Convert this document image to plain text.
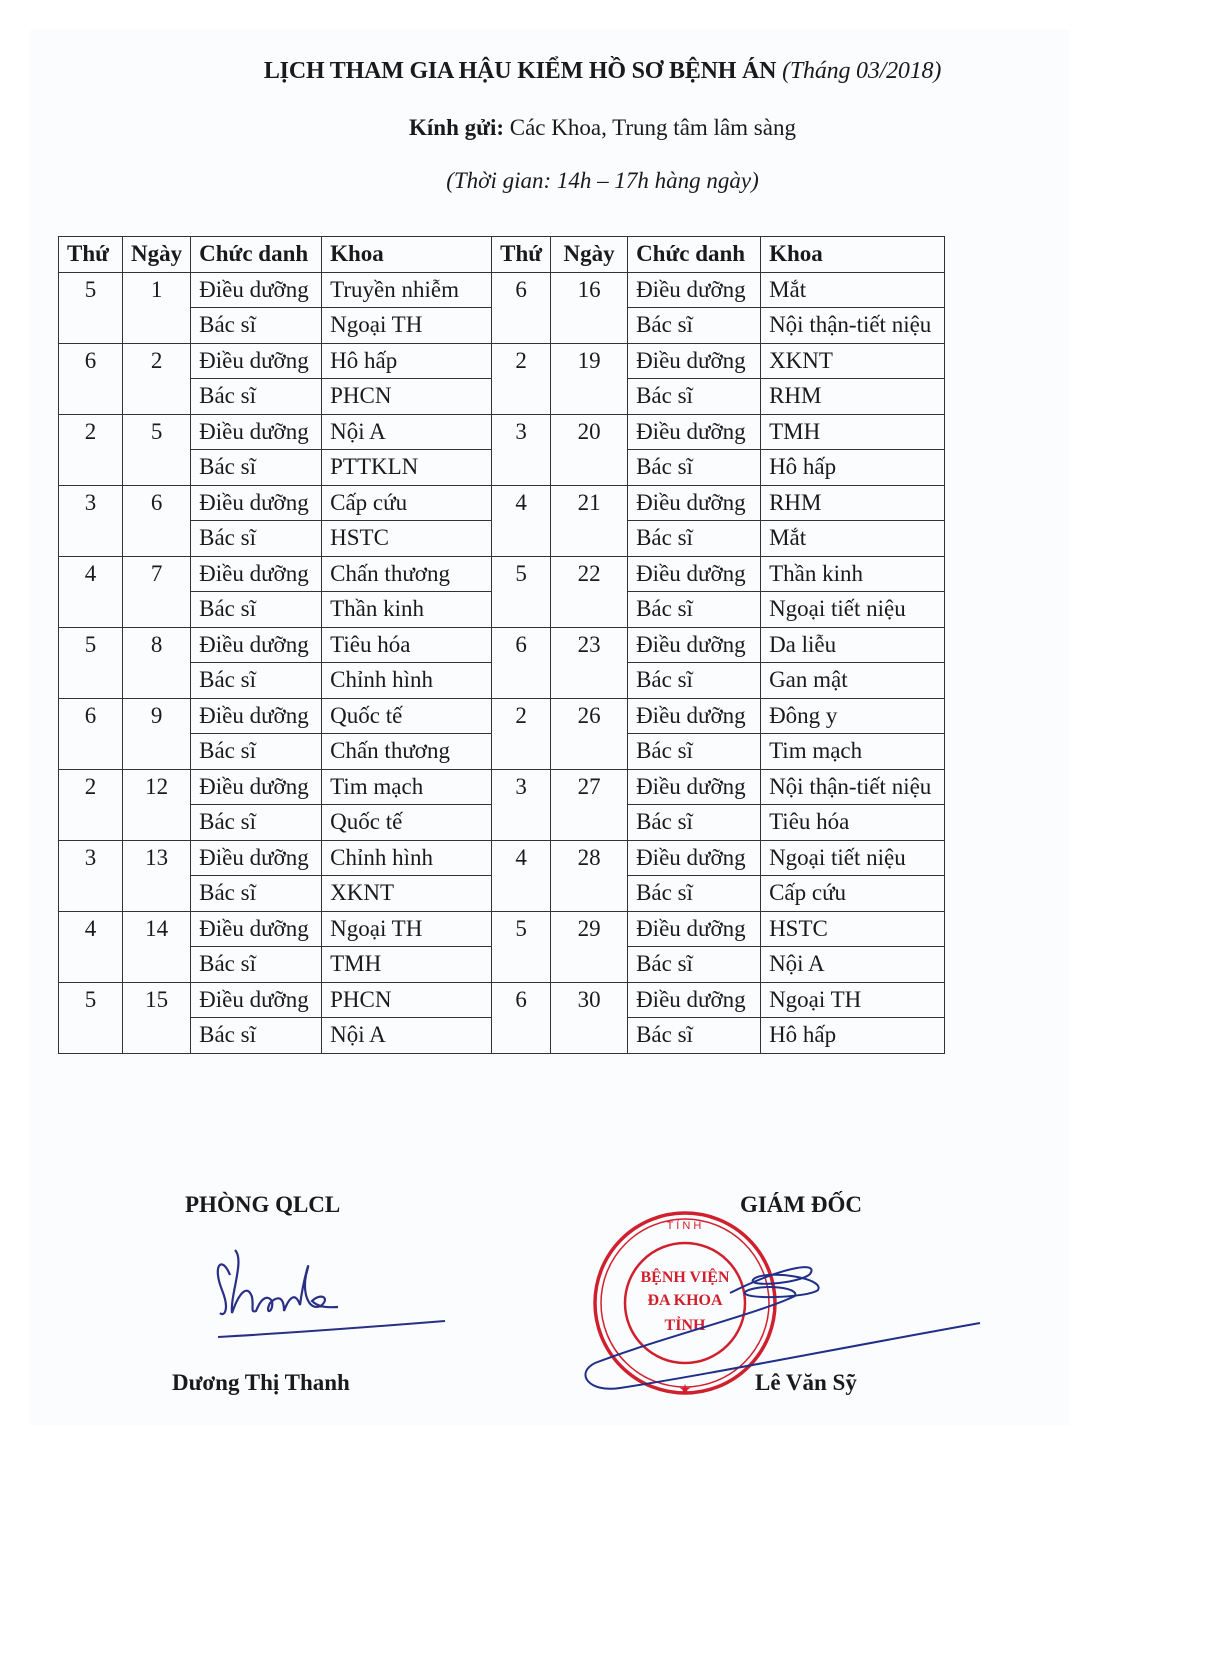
LỊCH THAM GIA HẬU KIỂM HỒ SƠ BỆNH ÁN (Tháng 03/2018)
Kính gửi: Các Khoa, Trung tâm lâm sàng
(Thời gian: 14h – 17h hàng ngày)
Thứ	Ngày	Chức danh	Khoa	Thứ	Ngày	Chức danh	Khoa
5	1	Điều dưỡng	Truyền nhiễm	6	16	Điều dưỡng	Mắt
		Bác sĩ	Ngoại TH			Bác sĩ	Nội thận-tiết niệu
6	2	Điều dưỡng	Hô hấp	2	19	Điều dưỡng	XKNT
		Bác sĩ	PHCN			Bác sĩ	RHM
2	5	Điều dưỡng	Nội A	3	20	Điều dưỡng	TMH
		Bác sĩ	PTTKLN			Bác sĩ	Hô hấp
3	6	Điều dưỡng	Cấp cứu	4	21	Điều dưỡng	RHM
		Bác sĩ	HSTC			Bác sĩ	Mắt
4	7	Điều dưỡng	Chấn thương	5	22	Điều dưỡng	Thần kinh
		Bác sĩ	Thần kinh			Bác sĩ	Ngoại tiết niệu
5	8	Điều dưỡng	Tiêu hóa	6	23	Điều dưỡng	Da liễu
		Bác sĩ	Chỉnh hình			Bác sĩ	Gan mật
6	9	Điều dưỡng	Quốc tế	2	26	Điều dưỡng	Đông y
		Bác sĩ	Chấn thương			Bác sĩ	Tim mạch
2	12	Điều dưỡng	Tim mạch	3	27	Điều dưỡng	Nội thận-tiết niệu
		Bác sĩ	Quốc tế			Bác sĩ	Tiêu hóa
3	13	Điều dưỡng	Chỉnh hình	4	28	Điều dưỡng	Ngoại tiết niệu
		Bác sĩ	XKNT			Bác sĩ	Cấp cứu
4	14	Điều dưỡng	Ngoại TH	5	29	Điều dưỡng	HSTC
		Bác sĩ	TMH			Bác sĩ	Nội A
5	15	Điều dưỡng	PHCN	6	30	Điều dưỡng	Ngoại TH
		Bác sĩ	Nội A			Bác sĩ	Hô hấp
PHÒNG QLCL
Dương Thị Thanh
T Ỉ N H
★
BỆNH VIỆN
ĐA KHOA
TỈNH
GIÁM ĐỐC
Lê Văn Sỹ
